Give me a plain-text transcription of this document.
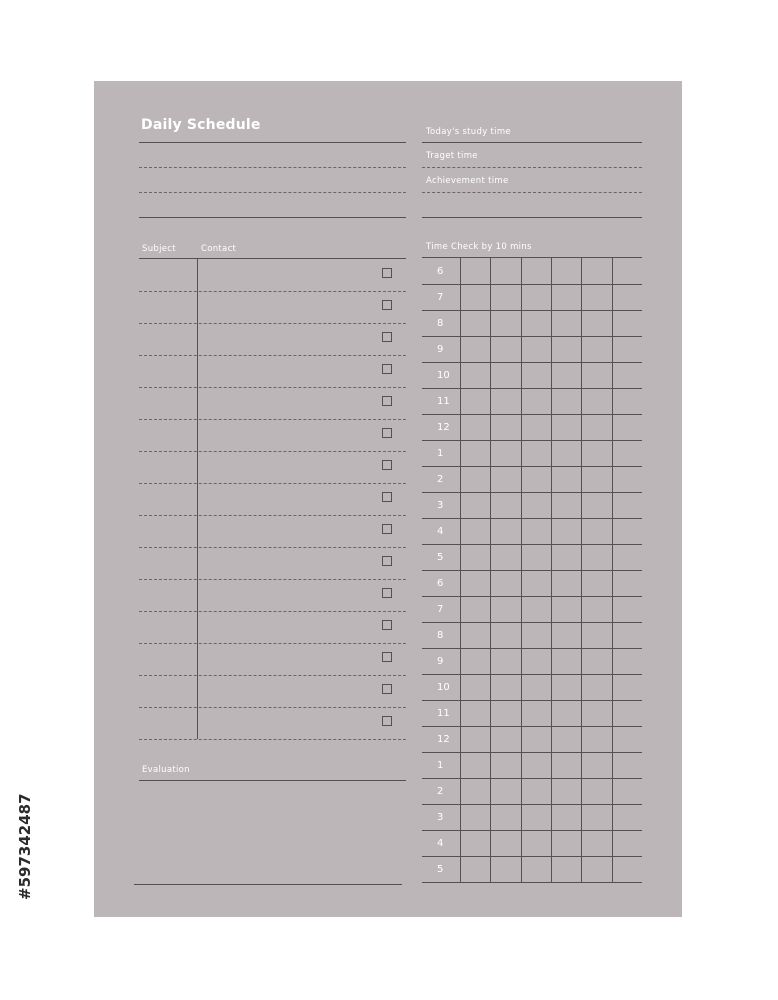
Daily Schedule	Today's study time
Traget time
Achievement time
Subject	Contact
Evaluation
Time Check by 10 mins
6
7
8
9
10
11
12
1
2
3
4
5
6
7
8
9
10
11
12
1
2
3
4
5
#597342487
